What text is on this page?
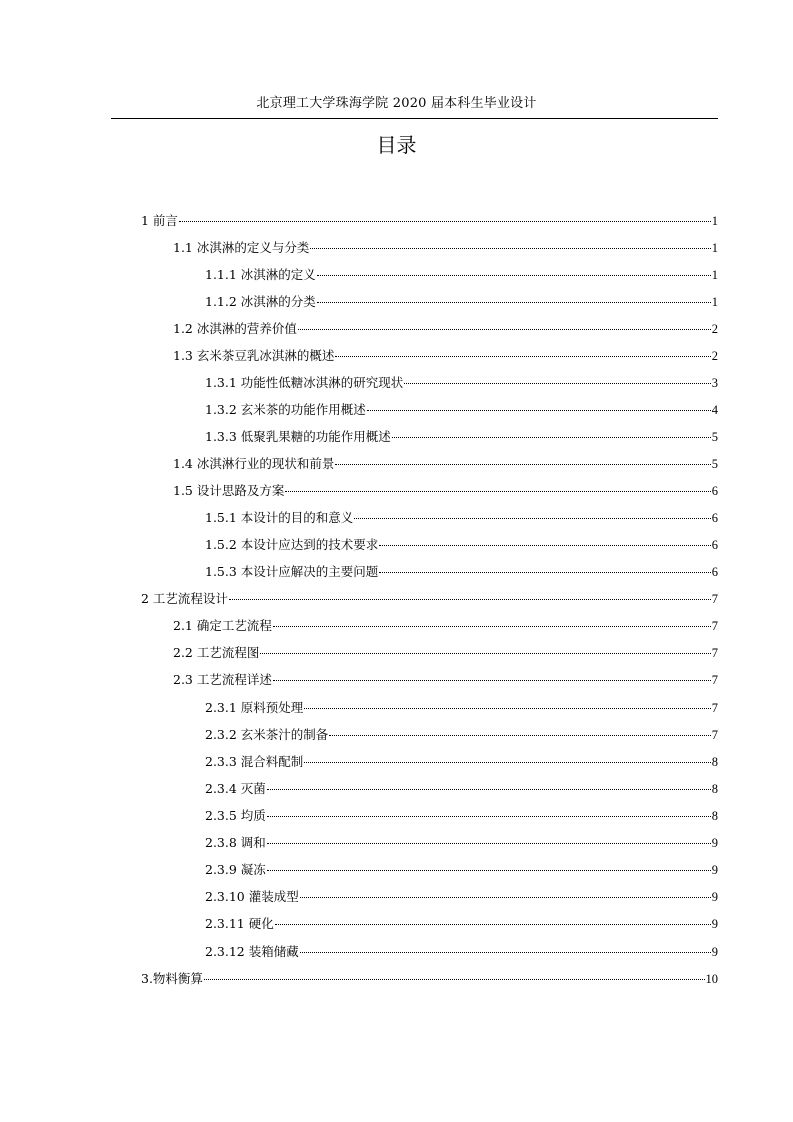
北京理工大学珠海学院 2020 届本科生毕业设计
目录
1 前言	1
1.1 冰淇淋的定义与分类	1
1.1.1 冰淇淋的定义	1
1.1.2 冰淇淋的分类	1
1.2 冰淇淋的营养价值	2
1.3 玄米茶豆乳冰淇淋的概述	2
1.3.1 功能性低糖冰淇淋的研究现状	3
1.3.2 玄米茶的功能作用概述	4
1.3.3 低聚乳果糖的功能作用概述	5
1.4 冰淇淋行业的现状和前景	5
1.5 设计思路及方案	6
1.5.1 本设计的目的和意义	6
1.5.2 本设计应达到的技术要求	6
1.5.3 本设计应解决的主要问题	6
2 工艺流程设计	7
2.1 确定工艺流程	7
2.2 工艺流程图	7
2.3 工艺流程详述	7
2.3.1 原料预处理	7
2.3.2 玄米茶汁的制备	7
2.3.3 混合料配制	8
2.3.4 灭菌	8
2.3.5 均质	8
2.3.8 调和	9
2.3.9 凝冻	9
2.3.10 灌装成型	9
2.3.11 硬化	9
2.3.12 装箱储藏	9
3.物料衡算	10
